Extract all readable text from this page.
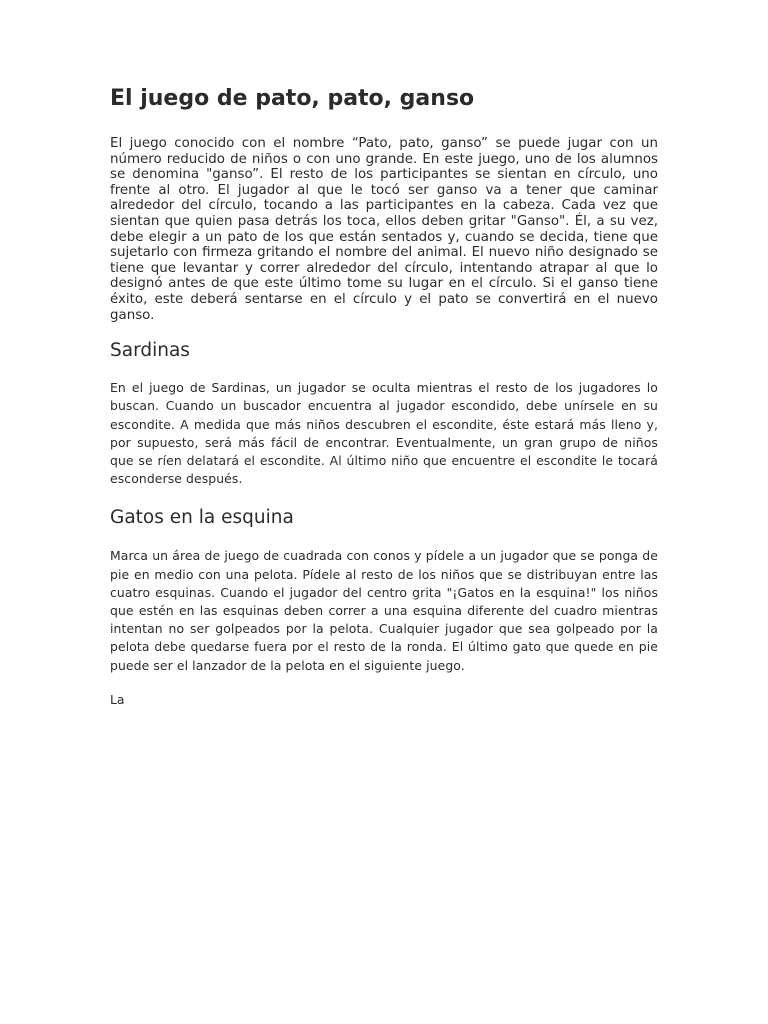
El juego de pato, pato, ganso

El juego conocido con el nombre “Pato, pato, ganso” se puede jugar con un número reducido de niños o con uno grande. En este juego, uno de los alumnos se denomina "ganso”. El resto de los participantes se sientan en círculo, uno frente al otro. El jugador al que le tocó ser ganso va a tener que caminar alrededor del círculo, tocando a las participantes en la cabeza. Cada vez que sientan que quien pasa detrás los toca, ellos deben gritar "Ganso". Él, a su vez, debe elegir a un pato de los que están sentados y, cuando se decida, tiene que sujetarlo con firmeza gritando el nombre del animal. El nuevo niño designado se tiene que levantar y correr alrededor del círculo, intentando atrapar al que lo designó antes de que este último tome su lugar en el círculo. Si el ganso tiene éxito, este deberá sentarse en el círculo y el pato se convertirá en el nuevo ganso.

Sardinas

En el juego de Sardinas, un jugador se oculta mientras el resto de los jugadores lo buscan. Cuando un buscador encuentra al jugador escondido, debe unírsele en su escondite. A medida que más niños descubren el escondite, éste estará más lleno y, por supuesto, será más fácil de encontrar. Eventualmente, un gran grupo de niños que se ríen delatará el escondite. Al último niño que encuentre el escondite le tocará esconderse después.

Gatos en la esquina

Marca un área de juego de cuadrada con conos y pídele a un jugador que se ponga de pie en medio con una pelota. Pídele al resto de los niños que se distribuyan entre las cuatro esquinas. Cuando el jugador del centro grita "¡Gatos en la esquina!" los niños que estén en las esquinas deben correr a una esquina diferente del cuadro mientras intentan no ser golpeados por la pelota. Cualquier jugador que sea golpeado por la pelota debe quedarse fuera por el resto de la ronda. El último gato que quede en pie puede ser el lanzador de la pelota en el siguiente juego.

La
